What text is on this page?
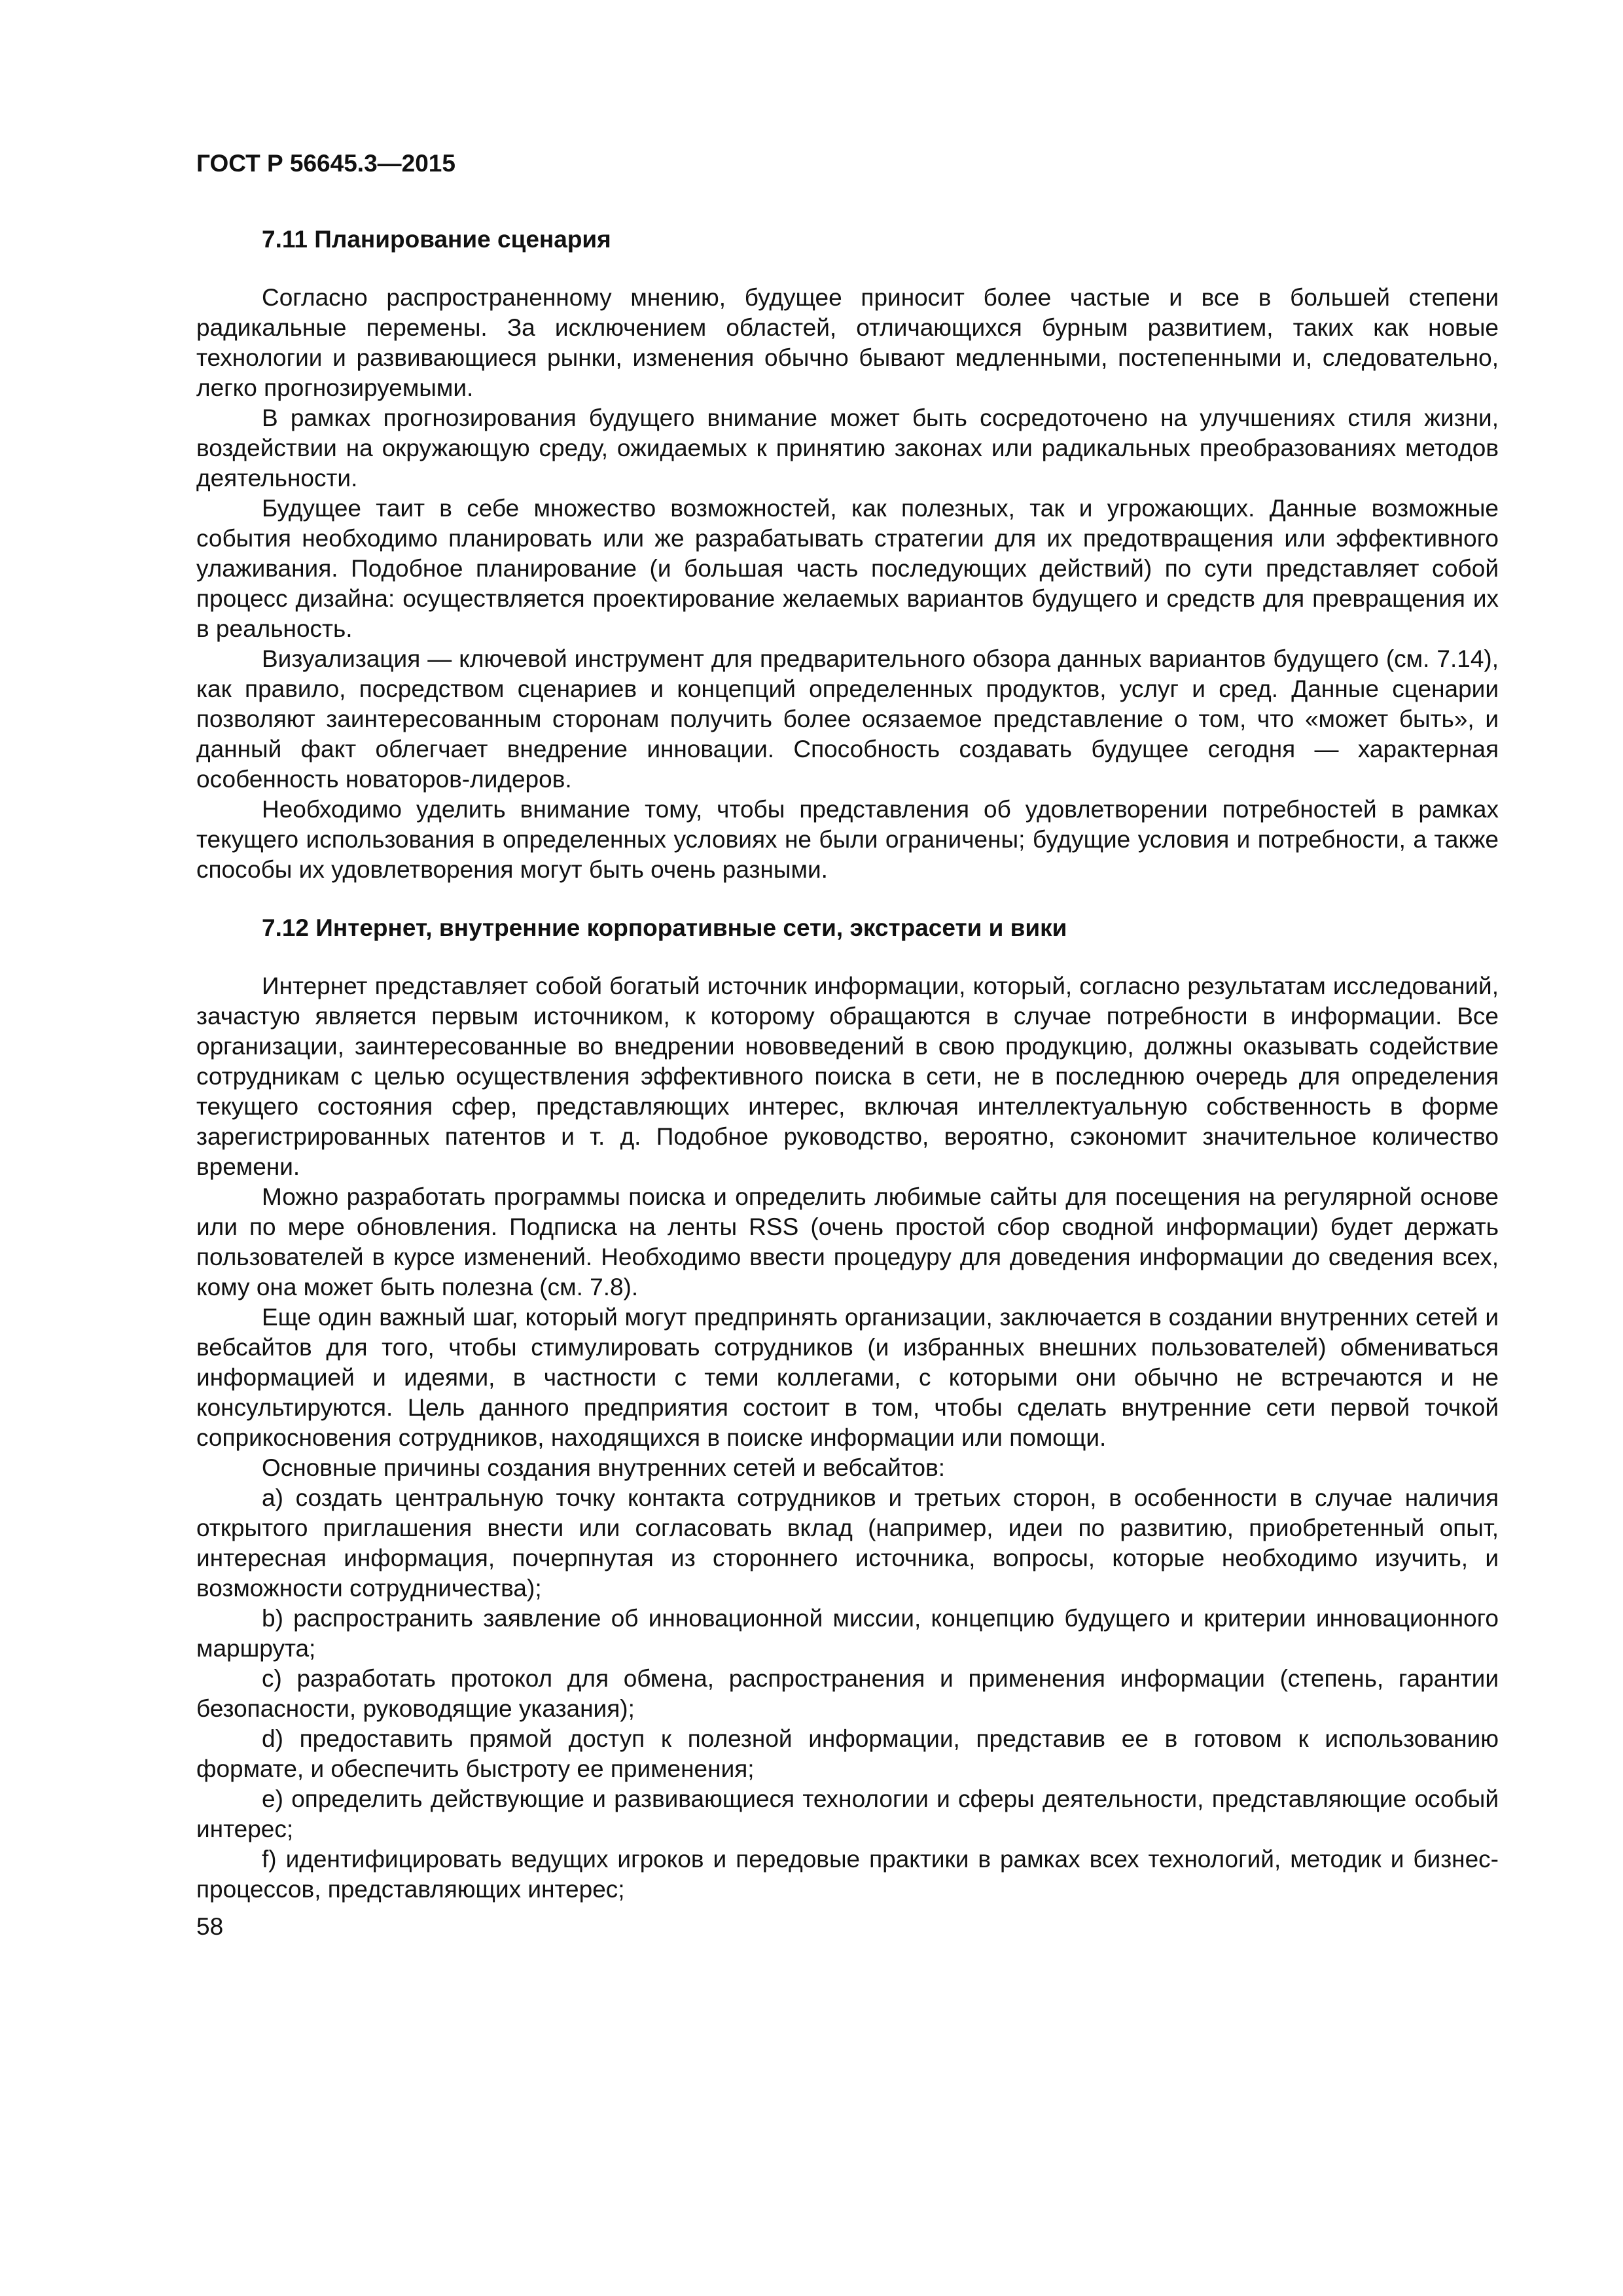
ГОСТ Р 56645.3—2015
7.11 Планирование сценария

Согласно распространенному мнению, будущее приносит более частые и все в большей степени радикальные перемены. За исключением областей, отличающихся бурным развитием, таких как новые технологии и развивающиеся рынки, изменения обычно бывают медленными, постепенными и, следовательно, легко прогнозируемыми.

В рамках прогнозирования будущего внимание может быть сосредоточено на улучшениях стиля жизни, воздействии на окружающую среду, ожидаемых к принятию законах или радикальных преобразованиях методов деятельности.

Будущее таит в себе множество возможностей, как полезных, так и угрожающих. Данные возможные события необходимо планировать или же разрабатывать стратегии для их предотвращения или эффективного улаживания. Подобное планирование (и большая часть последующих действий) по сути представляет собой процесс дизайна: осуществляется проектирование желаемых вариантов будущего и средств для превращения их в реальность.

Визуализация — ключевой инструмент для предварительного обзора данных вариантов будущего (см. 7.14), как правило, посредством сценариев и концепций определенных продуктов, услуг и сред. Данные сценарии позволяют заинтересованным сторонам получить более осязаемое представление о том, что «может быть», и данный факт облегчает внедрение инновации. Способность создавать будущее сегодня — характерная особенность новаторов-лидеров.

Необходимо уделить внимание тому, чтобы представления об удовлетворении потребностей в рамках текущего использования в определенных условиях не были ограничены; будущие условия и потребности, а также способы их удовлетворения могут быть очень разными.

7.12 Интернет, внутренние корпоративные сети, экстрасети и вики

Интернет представляет собой богатый источник информации, который, согласно результатам исследований, зачастую является первым источником, к которому обращаются в случае потребности в информации. Все организации, заинтересованные во внедрении нововведений в свою продукцию, должны оказывать содействие сотрудникам с целью осуществления эффективного поиска в сети, не в последнюю очередь для определения текущего состояния сфер, представляющих интерес, включая интеллектуальную собственность в форме зарегистрированных патентов и т. д. Подобное руководство, вероятно, сэкономит значительное количество времени.

Можно разработать программы поиска и определить любимые сайты для посещения на регулярной основе или по мере обновления. Подписка на ленты RSS (очень простой сбор сводной информации) будет держать пользователей в курсе изменений. Необходимо ввести процедуру для доведения информации до сведения всех, кому она может быть полезна (см. 7.8).

Еще один важный шаг, который могут предпринять организации, заключается в создании внутренних сетей и вебсайтов для того, чтобы стимулировать сотрудников (и избранных внешних пользователей) обмениваться информацией и идеями, в частности с теми коллегами, с которыми они обычно не встречаются и не консультируются. Цель данного предприятия состоит в том, чтобы сделать внутренние сети первой точкой соприкосновения сотрудников, находящихся в поиске информации или помощи.

Основные причины создания внутренних сетей и вебсайтов:

a) создать центральную точку контакта сотрудников и третьих сторон, в особенности в случае наличия открытого приглашения внести или согласовать вклад (например, идеи по развитию, приобретенный опыт, интересная информация, почерпнутая из стороннего источника, вопросы, которые необходимо изучить, и возможности сотрудничества);

b) распространить заявление об инновационной миссии, концепцию будущего и критерии инновационного маршрута;

c) разработать протокол для обмена, распространения и применения информации (степень, гарантии безопасности, руководящие указания);

d) предоставить прямой доступ к полезной информации, представив ее в готовом к использованию формате, и обеспечить быстроту ее применения;

e) определить действующие и развивающиеся технологии и сферы деятельности, представляющие особый интерес;

f) идентифицировать ведущих игроков и передовые практики в рамках всех технологий, методик и бизнес-процессов, представляющих интерес;

58
